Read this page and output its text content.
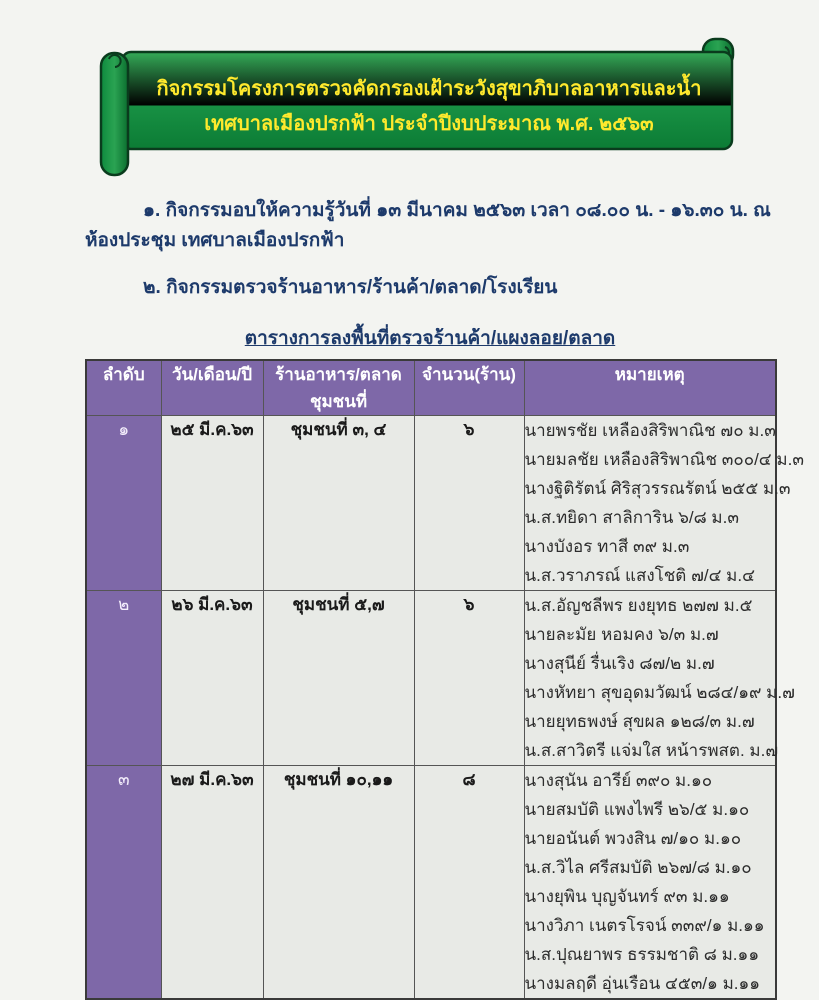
กิจกรรมโครงการตรวจคัดกรองเฝ้าระวังสุขาภิบาลอาหารและน้ำ
เทศบาลเมืองปรกฟ้า ประจำปีงบประมาณ พ.ศ. ๒๕๖๓

๑. กิจกรรมอบให้ความรู้วันที่ ๑๓ มีนาคม ๒๕๖๓ เวลา ๐๘.๐๐ น. - ๑๖.๓๐ น. ณ ห้องประชุม เทศบาลเมืองปรกฟ้า

๒. กิจกรรมตรวจร้านอาหาร/ร้านค้า/ตลาด/โรงเรียน

ตารางการลงพื้นที่ตรวจร้านค้า/แผงลอย/ตลาด
ลำดับ	วัน/เดือน/ปี	ร้านอาหาร/ตลาดชุมชนที่	จำนวน(ร้าน)	หมายเหตุ
๑	๒๕ มี.ค.๖๓	ชุมชนที่ ๓, ๔	๖	นายพรชัย เหลืองสิริพาณิช ๗๐ ม.๓
นายมลชัย เหลืองสิริพาณิช ๓๐๐/๔ ม.๓
นางฐิติรัตน์ ศิริสุวรรณรัตน์ ๒๕๕ ม.๓
น.ส.ทยิดา สาลิการิน ๖/๘ ม.๓
นางบังอร ทาสี ๓๙ ม.๓
น.ส.วราภรณ์ แสงโชติ ๗/๔ ม.๔

๒	๒๖ มี.ค.๖๓	ชุมชนที่ ๕,๗	๖	น.ส.อัญชลีพร ยงยุทธ ๒๗๗ ม.๕
นายละมัย หอมคง ๖/๓ ม.๗
นางสุนีย์ รื่นเริง ๘๗/๒ ม.๗
นางหัทยา สุขอุดมวัฒน์ ๒๘๔/๑๙ ม.๗
นายยุทธพงษ์ สุขผล ๑๒๘/๓ ม.๗
น.ส.สาวิตรี แจ่มใส หน้ารพสต. ม.๗

๓	๒๗ มี.ค.๖๓	ชุมชนที่ ๑๐,๑๑	๘	นางสุนัน อารีย์ ๓๙๐ ม.๑๐
นายสมบัติ แพงไพรี ๒๖/๕ ม.๑๐
นายอนันต์ พวงสิน ๗/๑๐ ม.๑๐
น.ส.วิไล ศรีสมบัติ ๒๖๗/๘ ม.๑๐
นางยุพิน บุญจันทร์ ๙๓ ม.๑๑
นางวิภา เนตรโรจน์ ๓๓๙/๑ ม.๑๑
น.ส.ปุณยาพร ธรรมชาติ ๘ ม.๑๑
นางมลฤดี อุ่นเรือน ๔๕๓/๑ ม.๑๑
